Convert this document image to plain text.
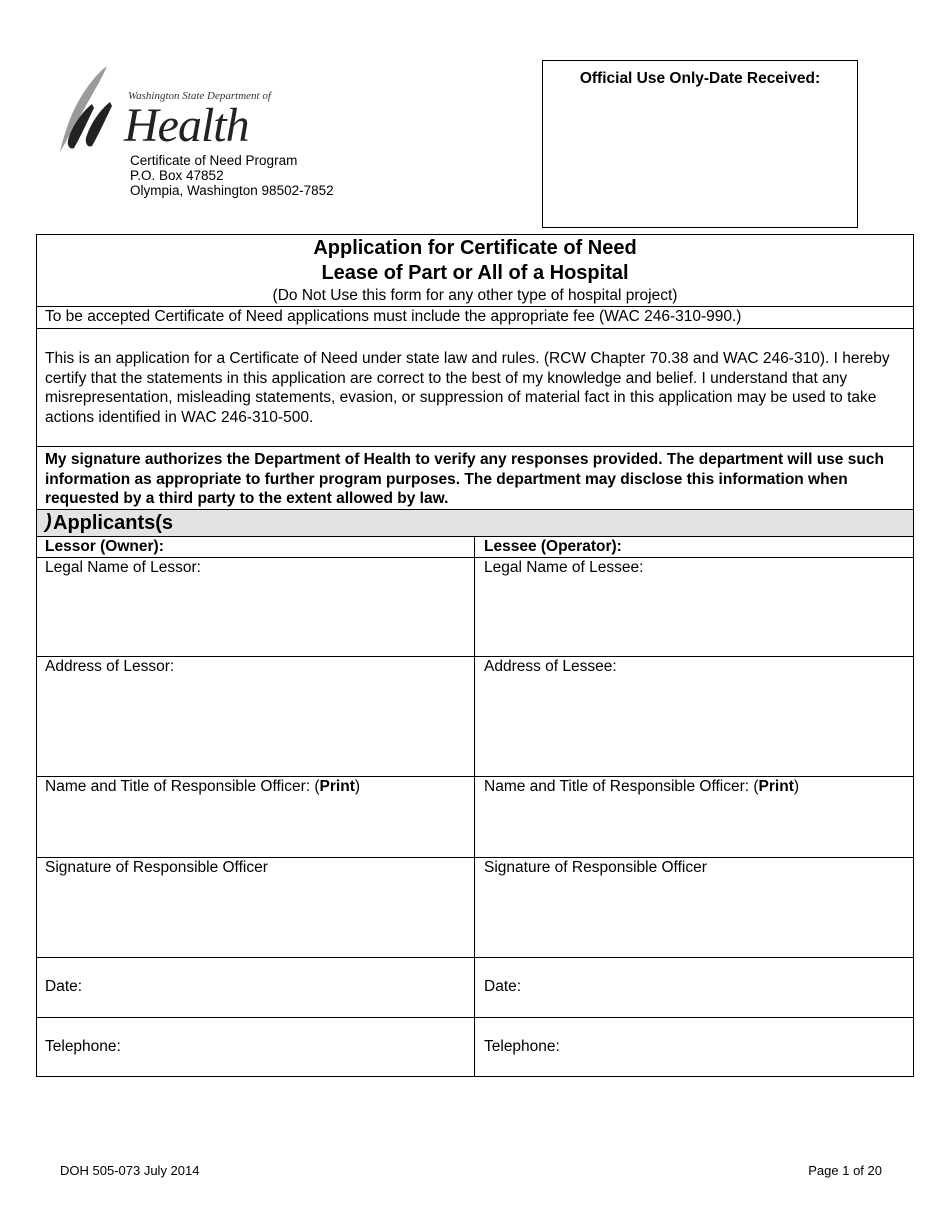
Washington State Department of
Health
Certificate of Need Program
P.O. Box 47852
Olympia, Washington 98502-7852
Official Use Only-Date Received:
Application for Certificate of Need
Lease of Part or All of a Hospital
(Do Not Use this form for any other type of hospital project)
To be accepted Certificate of Need applications must include the appropriate fee (WAC 246-310-990.)
This is an application for a Certificate of Need under state law and rules. (RCW Chapter 70.38 and WAC 246-310). I hereby certify that the statements in this application are correct to the best of my knowledge and belief. I understand that any misrepresentation, misleading statements, evasion, or suppression of material fact in this application may be used to take actions identified in WAC 246-310-500.
My signature authorizes the Department of Health to verify any responses provided. The department will use such information as appropriate to further program purposes. The department may disclose this information when requested by a third party to the extent allowed by law.
Applicants(s
)
Lessor (Owner):	Lessee (Operator):
Legal Name of Lessor:	Legal Name of Lessee:
Address of Lessor:	Address of Lessee:
Name and Title of Responsible Officer: (Print)	Name and Title of Responsible Officer: (Print)
Signature of Responsible Officer	Signature of Responsible Officer
Date:	Date:
Telephone:	Telephone:
DOH 505-073 July 2014	Page 1 of 20
